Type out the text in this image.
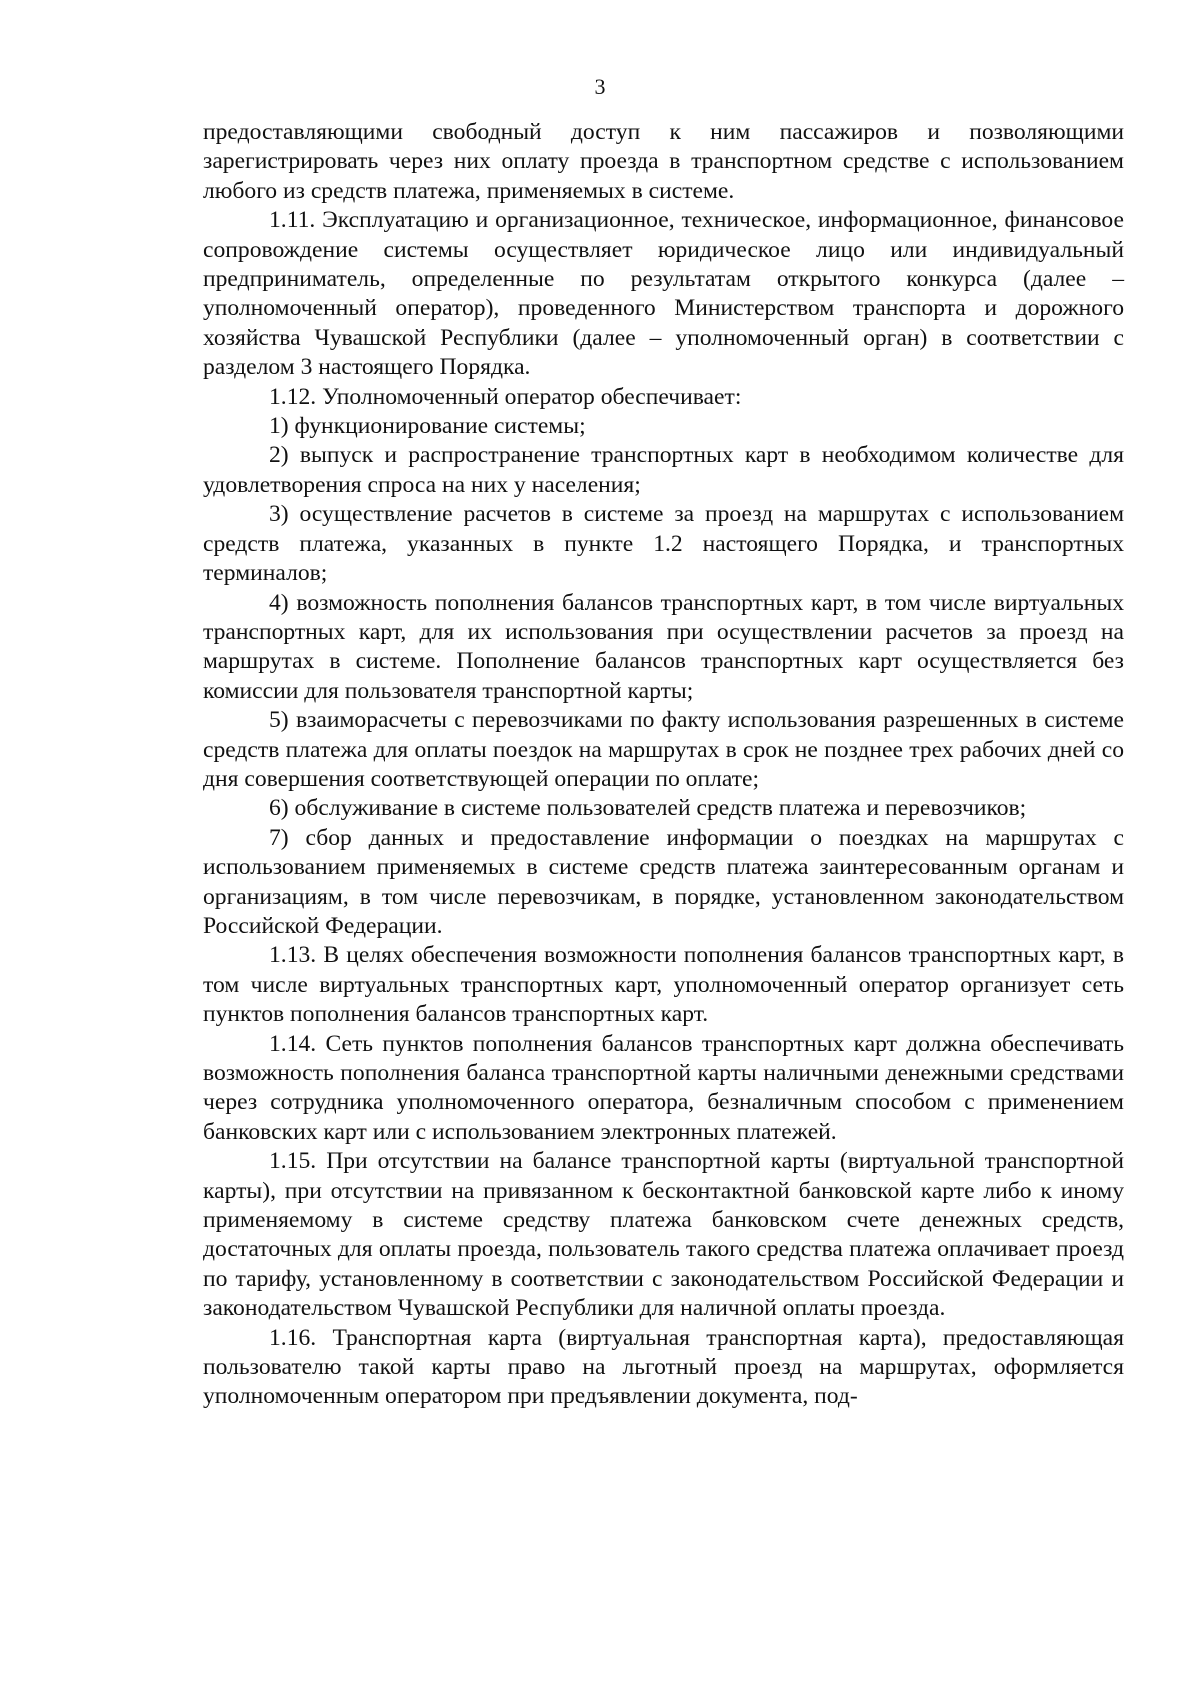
3

предоставляющими свободный доступ к ним пассажиров и позволяющими зарегистрировать через них оплату проезда в транспортном средстве с использованием любого из средств платежа, применяемых в системе.

1.11. Эксплуатацию и организационное, техническое, информационное, финансовое сопровождение системы осуществляет юридическое лицо или индивидуальный предприниматель, определенные по результатам открытого конкурса (далее – уполномоченный оператор), проведенного Министерством транспорта и дорожного хозяйства Чувашской Республики (далее – уполномоченный орган) в соответствии с разделом 3 настоящего Порядка.

1.12. Уполномоченный оператор обеспечивает:

1) функционирование системы;

2) выпуск и распространение транспортных карт в необходимом количестве для удовлетворения спроса на них у населения;

3) осуществление расчетов в системе за проезд на маршрутах с использованием средств платежа, указанных в пункте 1.2 настоящего Порядка, и транспортных терминалов;

4) возможность пополнения балансов транспортных карт, в том числе виртуальных транспортных карт, для их использования при осуществлении расчетов за проезд на маршрутах в системе. Пополнение балансов транспортных карт осуществляется без комиссии для пользователя транспортной карты;

5) взаиморасчеты с перевозчиками по факту использования разрешенных в системе средств платежа для оплаты поездок на маршрутах в срок не позднее трех рабочих дней со дня совершения соответствующей операции по оплате;

6) обслуживание в системе пользователей средств платежа и перевозчиков;

7) сбор данных и предоставление информации о поездках на маршрутах с использованием применяемых в системе средств платежа заинтересованным органам и организациям, в том числе перевозчикам, в порядке, установленном законодательством Российской Федерации.

1.13. В целях обеспечения возможности пополнения балансов транспортных карт, в том числе виртуальных транспортных карт, уполномоченный оператор организует сеть пунктов пополнения балансов транспортных карт.

1.14. Сеть пунктов пополнения балансов транспортных карт должна обеспечивать возможность пополнения баланса транспортной карты наличными денежными средствами через сотрудника уполномоченного оператора, безналичным способом с применением банковских карт или с использованием электронных платежей.

1.15. При отсутствии на балансе транспортной карты (виртуальной транспортной карты), при отсутствии на привязанном к бесконтактной банковской карте либо к иному применяемому в системе средству платежа банковском счете денежных средств, достаточных для оплаты проезда, пользователь такого средства платежа оплачивает проезд по тарифу, установленному в соответствии с законодательством Российской Федерации и законодательством Чувашской Республики для наличной оплаты проезда.

1.16. Транспортная карта (виртуальная транспортная карта), предоставляющая пользователю такой карты право на льготный проезд на маршрутах, оформляется уполномоченным оператором при предъявлении документа, под-
